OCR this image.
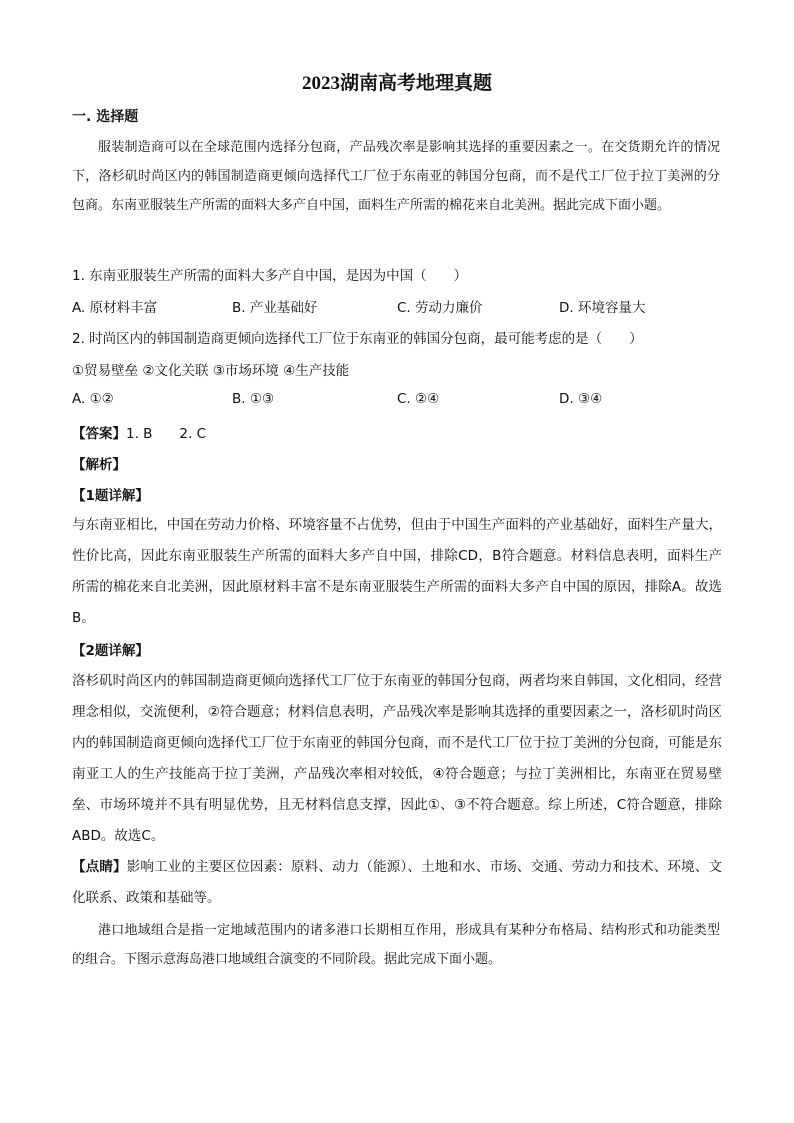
2023湖南高考地理真题
一. 选择题

服装制造商可以在全球范围内选择分包商，产品残次率是影响其选择的重要因素之一。在交货期允许的情况下，洛杉矶时尚区内的韩国制造商更倾向选择代工厂位于东南亚的韩国分包商，而不是代工厂位于拉丁美洲的分包商。东南亚服装生产所需的面料大多产自中国，面料生产所需的棉花来自北美洲。据此完成下面小题。

1. 东南亚服装生产所需的面料大多产自中国，是因为中国（　　）
A. 原材料丰富	B. 产业基础好	C. 劳动力廉价	D. 环境容量大
2. 时尚区内的韩国制造商更倾向选择代工厂位于东南亚的韩国分包商，最可能考虑的是（　　）
①贸易壁垒 ②文化关联 ③市场环境 ④生产技能
A. ①②	B. ①③	C. ②④	D. ③④
【答案】1. B　　2. C
【解析】
【1题详解】

与东南亚相比，中国在劳动力价格、环境容量不占优势，但由于中国生产面料的产业基础好，面料生产量大，性价比高，因此东南亚服装生产所需的面料大多产自中国，排除CD，B符合题意。材料信息表明，面料生产所需的棉花来自北美洲，因此原材料丰富不是东南亚服装生产所需的面料大多产自中国的原因，排除A。故选B。

【2题详解】

洛杉矶时尚区内的韩国制造商更倾向选择代工厂位于东南亚的韩国分包商，两者均来自韩国，文化相同，经营理念相似，交流便利，②符合题意；材料信息表明，产品残次率是影响其选择的重要因素之一，洛杉矶时尚区内的韩国制造商更倾向选择代工厂位于东南亚的韩国分包商，而不是代工厂位于拉丁美洲的分包商，可能是东南亚工人的生产技能高于拉丁美洲，产品残次率相对较低，④符合题意；与拉丁美洲相比，东南亚在贸易壁垒、市场环境并不具有明显优势，且无材料信息支撑，因此①、③不符合题意。综上所述，C符合题意，排除ABD。故选C。

【点睛】影响工业的主要区位因素：原料、动力（能源）、土地和水、市场、交通、劳动力和技术、环境、文化联系、政策和基础等。

港口地域组合是指一定地域范围内的诸多港口长期相互作用，形成具有某种分布格局、结构形式和功能类型的组合。下图示意海岛港口地域组合演变的不同阶段。据此完成下面小题。
